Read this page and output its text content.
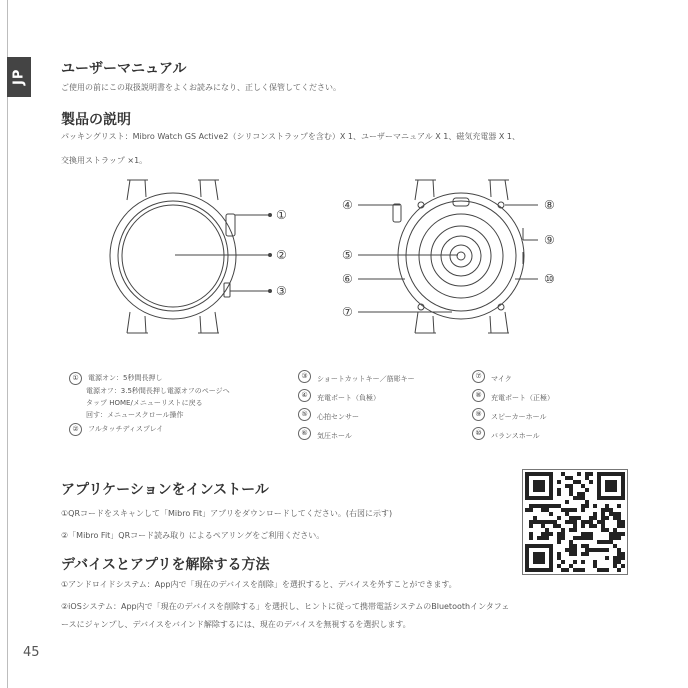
JP	ユーザーマニュアル
ご使用の前にこの取扱説明書をよくお読みになり、正しく保管してください。
製品の説明
パッキングリスト：Mibro Watch GS Active2（シリコンストラップを含む）X 1、ユーザーマニュアル X 1、磁気充電器 X 1、
交換用ストラップ ×1。
①
②
③
④
⑤
⑥
⑦
⑧
⑨
⑩
①	電源オン：5秒間長押し
電源オフ：3.5秒間長押し電源オフのページへ
タップ HOME/メニューリストに戻る
回す：メニュースクロール操作
②	フルタッチディスプレイ
③	ショートカットキー／筋彫キー
④	充電ポート（負極）
⑤	心拍センサー
⑥	気圧ホール
⑦	マイク
⑧	充電ポート（正極）
⑨	スピーカーホール
⑩	バランスホール
アプリケーションをインストール
①QRコードをスキャンして「Mibro Fit」アプリをダウンロードしてください。(右図に示す)
②「Mibro Fit」QRコード読み取り によるペアリングをご利用ください。
デバイスとアプリを解除する方法
①アンドロイドシステム：App内で「現在のデバイスを削除」を選択すると、デバイスを外すことができます。
②iOSシステム：App内で「現在のデバイスを削除する」を選択し、ヒントに従って携帯電話システムのBluetoothインタフェ
ースにジャンプし、デバイスをバインド解除するには、現在のデバイスを無視するを選択します。
45
